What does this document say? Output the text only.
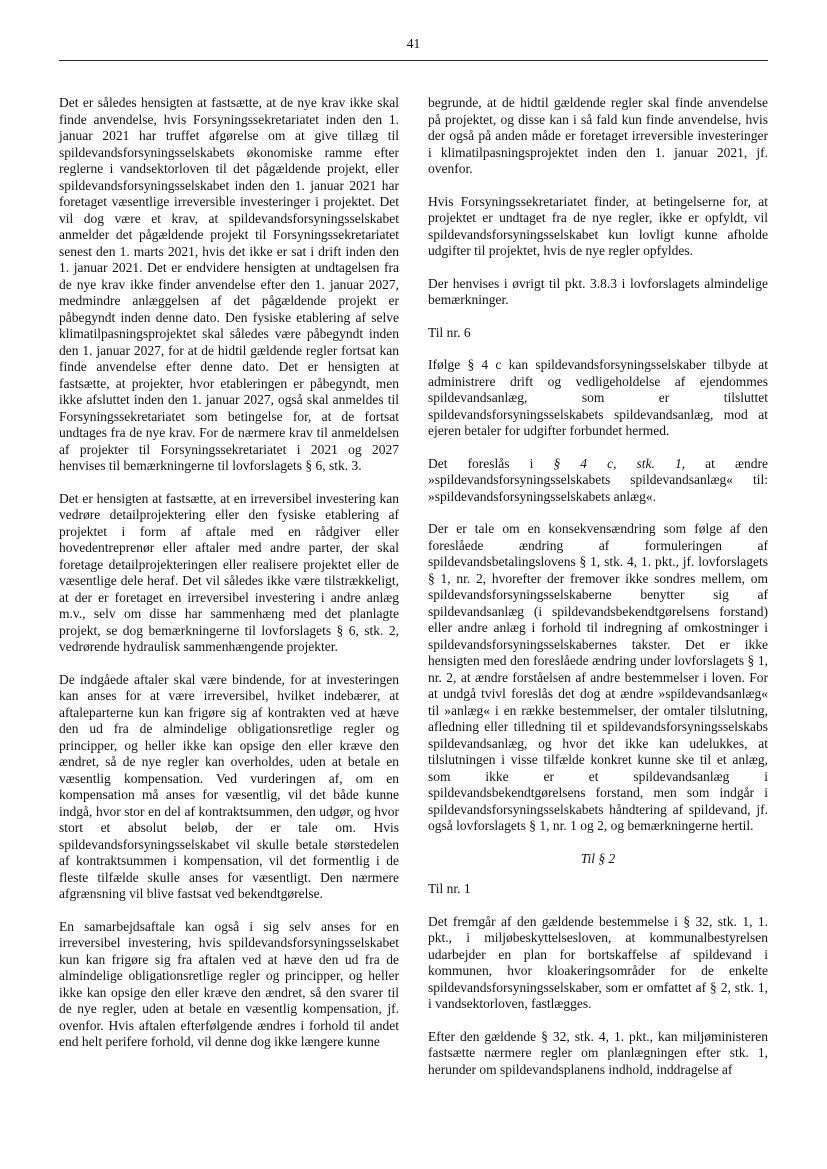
41

Det er således hensigten at fastsætte, at de nye krav ikke skal finde anvendelse, hvis Forsyningssekretariatet inden den 1. januar 2021 har truffet afgørelse om at give tillæg til spildevandsforsyningsselskabets økonomiske ramme efter reglerne i vandsektorloven til det pågældende projekt, eller spildevandsforsyningsselskabet inden den 1. januar 2021 har foretaget væsentlige irreversible investeringer i projektet. Det vil dog være et krav, at spildevandsforsyningsselskabet anmelder det pågældende projekt til Forsyningssekretariatet senest den 1. marts 2021, hvis det ikke er sat i drift inden den 1. januar 2021. Det er endvidere hensigten at undtagelsen fra de nye krav ikke finder anvendelse efter den 1. januar 2027, medmindre anlæggelsen af det pågældende projekt er påbegyndt inden denne dato. Den fysiske etablering af selve klimatilpasningsprojektet skal således være påbegyndt inden den 1. januar 2027, for at de hidtil gældende regler fortsat kan finde anvendelse efter denne dato. Det er hensigten at fastsætte, at projekter, hvor etableringen er påbegyndt, men ikke afsluttet inden den 1. januar 2027, også skal anmeldes til Forsyningssekretariatet som betingelse for, at de fortsat undtages fra de nye krav. For de nærmere krav til anmeldelsen af projekter til Forsyningssekretariatet i 2021 og 2027 henvises til bemærkningerne til lovforslagets § 6, stk. 3.

Det er hensigten at fastsætte, at en irreversibel investering kan vedrøre detailprojektering eller den fysiske etablering af projektet i form af aftale med en rådgiver eller hovedentreprenør eller aftaler med andre parter, der skal foretage detailprojekteringen eller realisere projektet eller de væsentlige dele heraf. Det vil således ikke være tilstrækkeligt, at der er foretaget en irreversibel investering i andre anlæg m.v., selv om disse har sammenhæng med det planlagte projekt, se dog bemærkningerne til lovforslagets § 6, stk. 2, vedrørende hydraulisk sammenhængende projekter.

De indgåede aftaler skal være bindende, for at investeringen kan anses for at være irreversibel, hvilket indebærer, at aftaleparterne kun kan frigøre sig af kontrakten ved at hæve den ud fra de almindelige obligationsretlige regler og principper, og heller ikke kan opsige den eller kræve den ændret, så de nye regler kan overholdes, uden at betale en væsentlig kompensation. Ved vurderingen af, om en kompensation må anses for væsentlig, vil det både kunne indgå, hvor stor en del af kontraktsummen, den udgør, og hvor stort et absolut beløb, der er tale om. Hvis spildevandsforsyningsselskabet vil skulle betale størstedelen af kontraktsummen i kompensation, vil det formentlig i de fleste tilfælde skulle anses for væsentligt. Den nærmere afgrænsning vil blive fastsat ved bekendtgørelse.

En samarbejdsaftale kan også i sig selv anses for en irreversibel investering, hvis spildevandsforsyningsselskabet kun kan frigøre sig fra aftalen ved at hæve den ud fra de almindelige obligationsretlige regler og principper, og heller ikke kan opsige den eller kræve den ændret, så den svarer til de nye regler, uden at betale en væsentlig kompensation, jf. ovenfor. Hvis aftalen efterfølgende ændres i forhold til andet end helt perifere forhold, vil denne dog ikke længere kunne

begrunde, at de hidtil gældende regler skal finde anvendelse på projektet, og disse kan i så fald kun finde anvendelse, hvis der også på anden måde er foretaget irreversible investeringer i klimatilpasningsprojektet inden den 1. januar 2021, jf. ovenfor.

Hvis Forsyningssekretariatet finder, at betingelserne for, at projektet er undtaget fra de nye regler, ikke er opfyldt, vil spildevandsforsyningsselskabet kun lovligt kunne afholde udgifter til projektet, hvis de nye regler opfyldes.

Der henvises i øvrigt til pkt. 3.8.3 i lovforslagets almindelige bemærkninger.

Til nr. 6

Ifølge § 4 c kan spildevandsforsyningsselskaber tilbyde at administrere drift og vedligeholdelse af ejendommes spildevandsanlæg, som er tilsluttet spildevandsforsyningsselskabets spildevandsanlæg, mod at ejeren betaler for udgifter forbundet hermed.

Det foreslås i § 4 c, stk. 1, at ændre »spildevandsforsyningsselskabets spildevandsanlæg« til: »spildevandsforsyningsselskabets anlæg«.

Der er tale om en konsekvensændring som følge af den foreslåede ændring af formuleringen af spildevandsbetalingslovens § 1, stk. 4, 1. pkt., jf. lovforslagets § 1, nr. 2, hvorefter der fremover ikke sondres mellem, om spildevandsforsyningsselskaberne benytter sig af spildevandsanlæg (i spildevandsbekendtgørelsens forstand) eller andre anlæg i forhold til indregning af omkostninger i spildevandsforsyningsselskabernes takster. Det er ikke hensigten med den foreslåede ændring under lovforslagets § 1, nr. 2, at ændre forståelsen af andre bestemmelser i loven. For at undgå tvivl foreslås det dog at ændre »spildevandsanlæg« til »anlæg« i en række bestemmelser, der omtaler tilslutning, afledning eller tilledning til et spildevandsforsyningsselskabs spildevandsanlæg, og hvor det ikke kan udelukkes, at tilslutningen i visse tilfælde konkret kunne ske til et anlæg, som ikke er et spildevandsanlæg i spildevandsbekendtgørelsens forstand, men som indgår i spildevandsforsyningsselskabets håndtering af spildevand, jf. også lovforslagets § 1, nr. 1 og 2, og bemærkningerne hertil.

Til § 2

Til nr. 1

Det fremgår af den gældende bestemmelse i § 32, stk. 1, 1. pkt., i miljøbeskyttelsesloven, at kommunalbestyrelsen udarbejder en plan for bortskaffelse af spildevand i kommunen, hvor kloakeringsområder for de enkelte spildevandsforsyningsselskaber, som er omfattet af § 2, stk. 1, i vandsektorloven, fastlægges.

Efter den gældende § 32, stk. 4, 1. pkt., kan miljøministeren fastsætte nærmere regler om planlægningen efter stk. 1, herunder om spildevandsplanens indhold, inddragelse af
